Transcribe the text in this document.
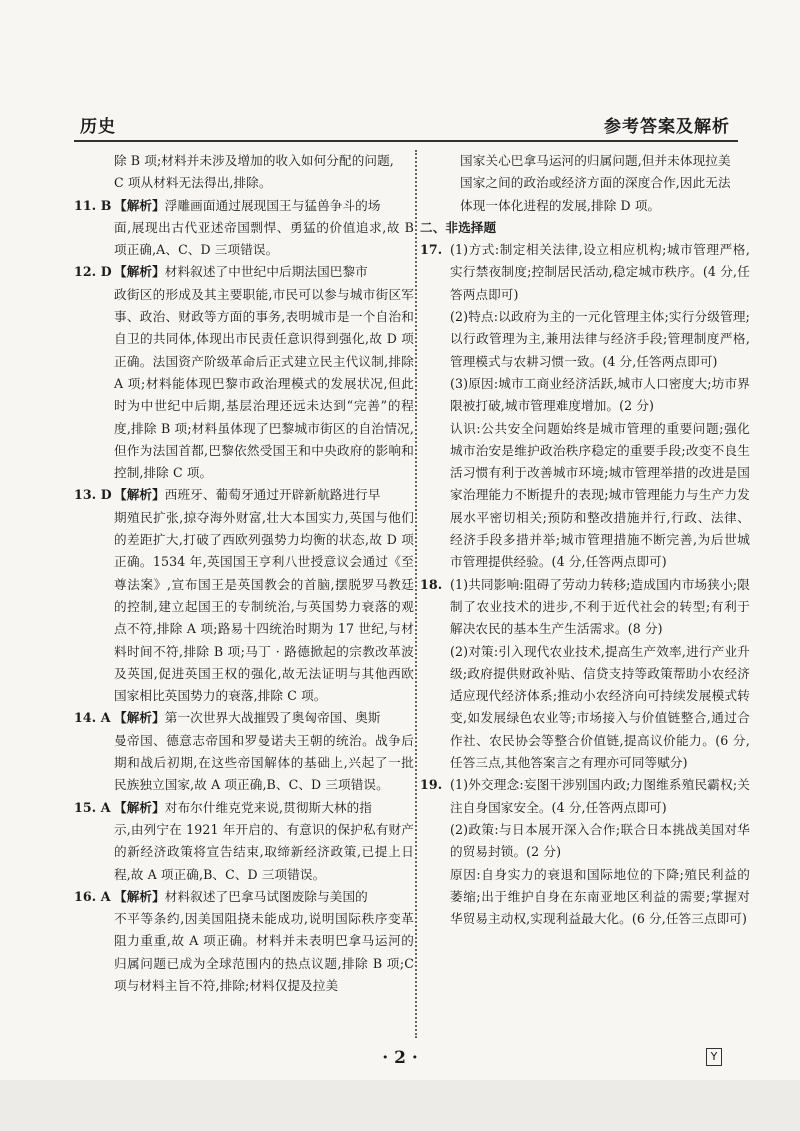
历史	参考答案及解析
除 B 项;材料并未涉及增加的收入如何分配的问题,
C 项从材料无法得出,排除。
11. B 【解析】浮雕画面通过展现国王与猛兽争斗的场
面,展现出古代亚述帝国剽悍、勇猛的价值追求,故 B 项正确,A、C、D 三项错误。
12. D 【解析】材料叙述了中世纪中后期法国巴黎市
政街区的形成及其主要职能,市民可以参与城市街区军事、政治、财政等方面的事务,表明城市是一个自治和自卫的共同体,体现出市民责任意识得到强化,故 D 项正确。法国资产阶级革命后正式建立民主代议制,排除 A 项;材料能体现巴黎市政治理模式的发展状况,但此时为中世纪中后期,基层治理还远未达到“完善”的程度,排除 B 项;材料虽体现了巴黎城市街区的自治情况,但作为法国首都,巴黎依然受国王和中央政府的影响和控制,排除 C 项。
13. D 【解析】西班牙、葡萄牙通过开辟新航路进行早
期殖民扩张,掠夺海外财富,壮大本国实力,英国与他们的差距扩大,打破了西欧列强势力均衡的状态,故 D 项正确。1534 年,英国国王亨利八世授意议会通过《至尊法案》,宣布国王是英国教会的首脑,摆脱罗马教廷的控制,建立起国王的专制统治,与英国势力衰落的观点不符,排除 A 项;路易十四统治时期为 17 世纪,与材料时间不符,排除 B 项;马丁 · 路德掀起的宗教改革波及英国,促进英国王权的强化,故无法证明与其他西欧国家相比英国势力的衰落,排除 C 项。
14. A 【解析】第一次世界大战摧毁了奥匈帝国、奥斯
曼帝国、德意志帝国和罗曼诺夫王朝的统治。战争后期和战后初期,在这些帝国解体的基础上,兴起了一批民族独立国家,故 A 项正确,B、C、D 三项错误。
15. A 【解析】对布尔什维克党来说,贯彻斯大林的指
示,由列宁在 1921 年开启的、有意识的保护私有财产的新经济政策将宣告结束,取缔新经济政策,已提上日程,故 A 项正确,B、C、D 三项错误。
16. A 【解析】材料叙述了巴拿马试图废除与美国的
不平等条约,因美国阻挠未能成功,说明国际秩序变革阻力重重,故 A 项正确。材料并未表明巴拿马运河的归属问题已成为全球范围内的热点议题,排除 B 项;C 项与材料主旨不符,排除;材料仅提及拉美
国家关心巴拿马运河的归属问题,但并未体现拉美
国家之间的政治或经济方面的深度合作,因此无法
体现一体化进程的发展,排除 D 项。
二、非选择题
17. (1)方式:制定相关法律,设立相应机构;城市管理严格,实行禁夜制度;控制居民活动,稳定城市秩序。(4 分,任答两点即可)
(2)特点:以政府为主的一元化管理主体;实行分级管理;以行政管理为主,兼用法律与经济手段;管理制度严格,管理模式与农耕习惯一致。(4 分,任答两点即可)
(3)原因:城市工商业经济活跃,城市人口密度大;坊市界限被打破,城市管理难度增加。(2 分)
认识:公共安全问题始终是城市管理的重要问题;强化城市治安是维护政治秩序稳定的重要手段;改变不良生活习惯有利于改善城市环境;城市管理举措的改进是国家治理能力不断提升的表现;城市管理能力与生产力发展水平密切相关;预防和整改措施并行,行政、法律、经济手段多措并举;城市管理措施不断完善,为后世城市管理提供经验。(4 分,任答两点即可)
18. (1)共同影响:阻碍了劳动力转移;造成国内市场狭小;限制了农业技术的进步,不利于近代社会的转型;有利于解决农民的基本生产生活需求。(8 分)
(2)对策:引入现代农业技术,提高生产效率,进行产业升级;政府提供财政补贴、信贷支持等政策帮助小农经济适应现代经济体系;推动小农经济向可持续发展模式转变,如发展绿色农业等;市场接入与价值链整合,通过合作社、农民协会等整合价值链,提高议价能力。(6 分,任答三点,其他答案言之有理亦可同等赋分)
19. (1)外交理念:妄图干涉别国内政;力图维系殖民霸权;关注自身国家安全。(4 分,任答两点即可)
(2)政策:与日本展开深入合作;联合日本挑战美国对华的贸易封锁。(2 分)
原因:自身实力的衰退和国际地位的下降;殖民利益的萎缩;出于维护自身在东南亚地区利益的需要;掌握对华贸易主动权,实现利益最大化。(6 分,任答三点即可)
· 2 ·	Y
